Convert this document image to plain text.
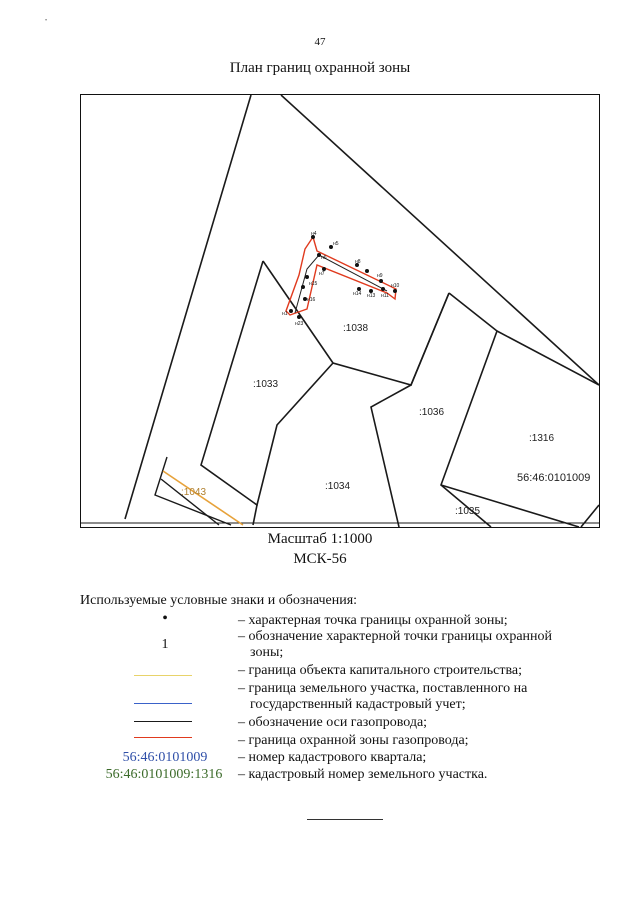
•
47
План границ охранной зоны
н4
н5
н6
н7
н8
н9
н10
н11
н13
н14
н15
н16
н1
н23	:1038
:1033
:1036
:1316
:1034
:1035
:1043
56:46:0101009
Масштаб 1:1000
МСК-56
Используемые условные знаки и обозначения:
•	– характерная точка границы охранной зоны;
1
– обозначение характерной точки границы охранной
зоны;
– граница объекта капитального строительства;
– граница земельного участка, поставленного на
государственный кадастровый учет;
– обозначение оси газопровода;
– граница охранной зоны газопровода;
56:46:0101009	– номер кадастрового квартала;
56:46:0101009:1316	– кадастровый номер земельного участка.
